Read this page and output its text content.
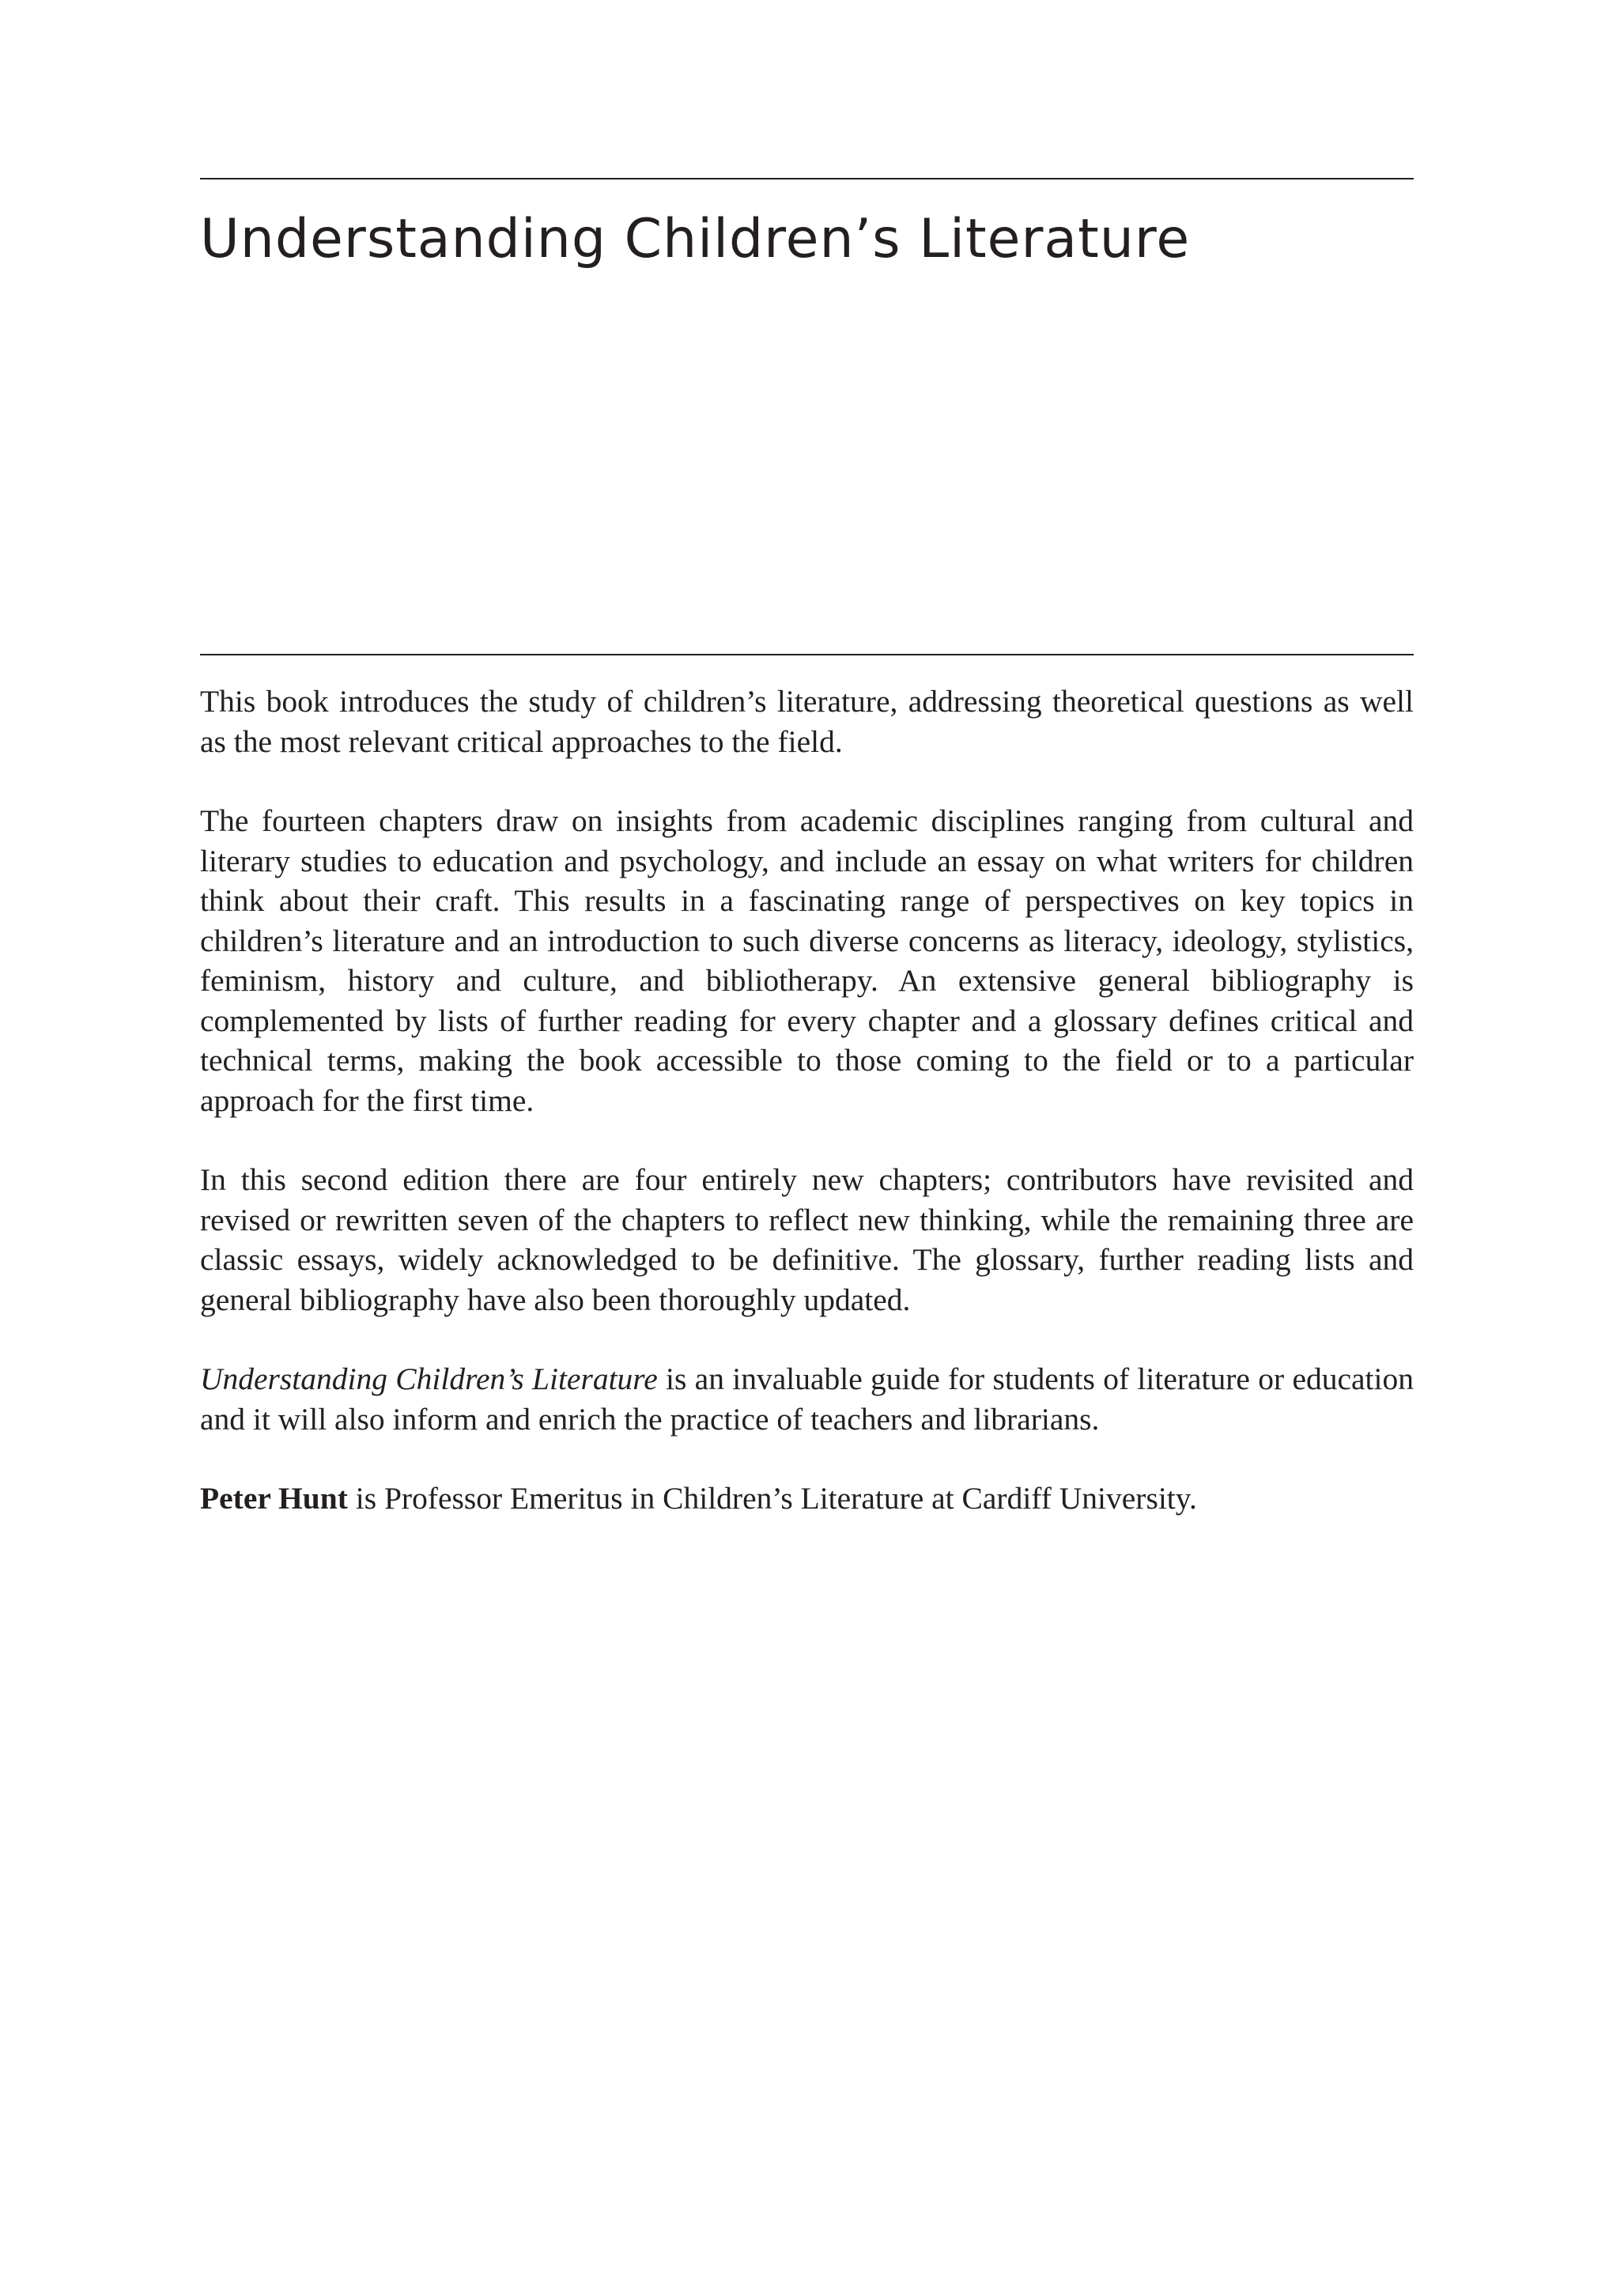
Understanding Children’s Literature

This book introduces the study of children’s literature, addressing theoretical questions as well as the most relevant critical approaches to the field.

The fourteen chapters draw on insights from academic disciplines ranging from cultural and literary studies to education and psychology, and include an essay on what writers for children think about their craft. This results in a fascinating range of perspectives on key topics in children’s literature and an introduction to such diverse concerns as literacy, ideology, stylistics, feminism, history and culture, and bibliotherapy. An extensive general bibliography is complemented by lists of further reading for every chapter and a glossary defines critical and technical terms, making the book accessible to those coming to the field or to a particular approach for the first time.

In this second edition there are four entirely new chapters; contributors have revisited and revised or rewritten seven of the chapters to reflect new thinking, while the remaining three are classic essays, widely acknowledged to be definitive. The glossary, further reading lists and general bibliography have also been thoroughly updated.

Understanding Children’s Literature is an invaluable guide for students of literature or education and it will also inform and enrich the practice of teachers and librarians.

Peter Hunt is Professor Emeritus in Children’s Literature at Cardiff University.
